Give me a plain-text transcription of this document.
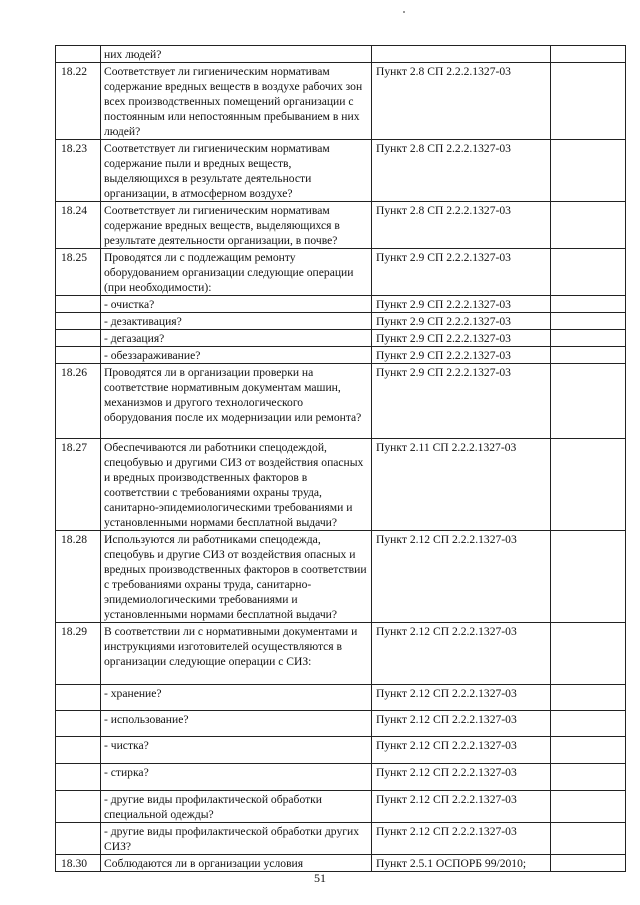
	них людей?		
18.22	Соответствует ли гигиеническим нормативам содержание вредных веществ в воздухе рабочих зон всех производственных помещений организации с постоянным или непостоянным пребыванием в них людей?	Пункт 2.8 СП 2.2.2.1327-03	
18.23	Соответствует ли гигиеническим нормативам содержание пыли и вредных веществ, выделяющихся в результате деятельности организации, в атмосферном воздухе?	Пункт 2.8 СП 2.2.2.1327-03	
18.24	Соответствует ли гигиеническим нормативам содержание вредных веществ, выделяющихся в результате деятельности организации, в почве?	Пункт 2.8 СП 2.2.2.1327-03	
18.25	Проводятся ли с подлежащим ремонту оборудованием организации следующие операции (при необходимости):	Пункт 2.9 СП 2.2.2.1327-03	
	- очистка?	Пункт 2.9 СП 2.2.2.1327-03	
	- дезактивация?	Пункт 2.9 СП 2.2.2.1327-03	
	- дегазация?	Пункт 2.9 СП 2.2.2.1327-03	
	- обеззараживание?	Пункт 2.9 СП 2.2.2.1327-03	
18.26	Проводятся ли в организации проверки на соответствие нормативным документам машин, механизмов и другого технологического оборудования после их модернизации или ремонта?	Пункт 2.9 СП 2.2.2.1327-03	
18.27	Обеспечиваются ли работники спецодеждой, спецобувью и другими СИЗ от воздействия опасных и вредных производственных факторов в соответствии с требованиями охраны труда, санитарно-эпидемиологическими требованиями и установленными нормами бесплатной выдачи?	Пункт 2.11 СП 2.2.2.1327-03	
18.28	Используются ли работниками спецодежда, спецобувь и другие СИЗ от воздействия опасных и вредных производственных факторов в соответствии с требованиями охраны труда, санитарно-эпидемиологическими требованиями и установленными нормами бесплатной выдачи?	Пункт 2.12 СП 2.2.2.1327-03	
18.29	В соответствии ли с нормативными документами и инструкциями изготовителей осуществляются в организации следующие операции с СИЗ:	Пункт 2.12 СП 2.2.2.1327-03	
	- хранение?	Пункт 2.12 СП 2.2.2.1327-03	
	- использование?	Пункт 2.12 СП 2.2.2.1327-03	
	- чистка?	Пункт 2.12 СП 2.2.2.1327-03	
	- стирка?	Пункт 2.12 СП 2.2.2.1327-03	
	- другие виды профилактической обработки специальной одежды?	Пункт 2.12 СП 2.2.2.1327-03	
	- другие виды профилактической обработки других СИЗ?	Пункт 2.12 СП 2.2.2.1327-03	
18.30	Соблюдаются ли в организации условия	Пункт 2.5.1 ОСПОРБ 99/2010;	
51
